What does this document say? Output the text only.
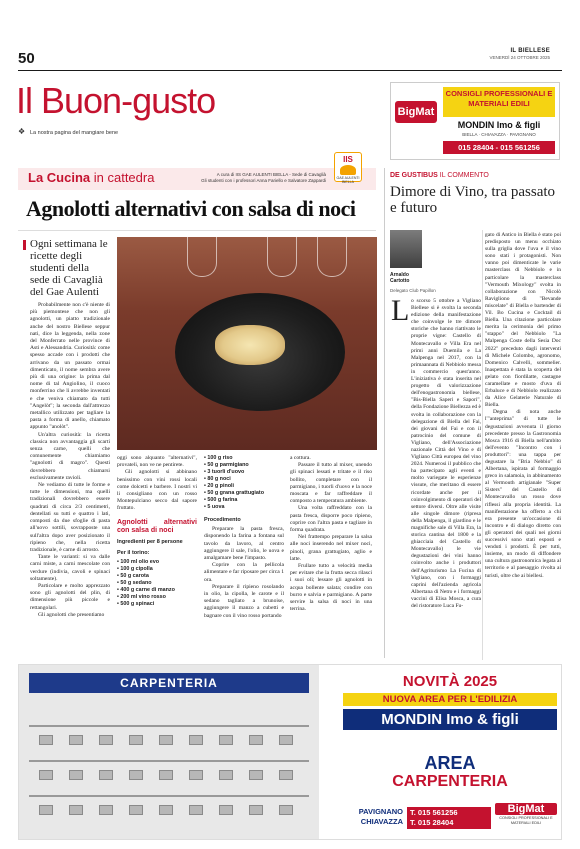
50	IL BIELLESE
VENERDÌ 24 OTTOBRE 2025
Il Buon-gusto
❖ La nostra pagina del mangiare bene
BigMat
CONSIGLI PROFESSIONALI E MATERIALI EDILI
MONDIN Imo & figli
BIELLA · CHIAVAZZA · PAVIGNANO
015 28404 - 015 561256
La Cucina in cattedra	A cura di IIS GAE AULENTI BIELLA - Sede di Cavaglià
Gli studenti con i professori Anna Fariello e Salvatore Zappardi
IIS
GAE AULENTI BIELLA
Agnolotti alternativi con salsa di noci
Ogni settimana le ricette degli studenti della sede di Cavaglià del Gae Aulenti

Probabilmente non c'è niente di più piemontese che non gli agnolotti, un piatto tradizionale anche del nostro Biellese seppur nati, dice la leggenda, nella zone del Monferrato nelle province di Asti e Alessandria. Curiosità: come spesso accade con i prodotti che arrivano da un passato ormai dimenticato, il nome sembra avere più di una origine: la prima dal nome di tal Angiolino, il cuoco monferrino che li avrebbe inventati e che veniva chiamato da tutti "Angelòt"; la seconda dall'attrezzo metallico utilizzato per tagliare la pasta a forma di anello, chiamato appunto "anolòt".

Un'altra curiosità: la ricetta classica non avvantaggia gli scarti senza carne, quelli che comunemente chiamiamo "agnolotti di magro". Questi dovrebbero chiamarsi esclusivamente ravioli.

Ne vediamo di tutte le forme e tutte le dimensioni, ma quelli tradizionali dovrebbero essere quadrati di circa 2/3 centimetri, dentellati su tutti e quattro i lati, composti da due sfoglie di pasta all'uovo sottili, sovrapposte una sull'altra dopo aver posizionato il ripieno che, nella ricetta tradizionale, è carne di arrosto.

Tante le varianti: si va dalle carni miste, a carni mescolate con verdure (indivia, cavoli e spinaci soltamente).

Particolare e molto apprezzato sono gli agnolotti del plin, di dimensione più piccole e rettangolari.

Gli agnolotti che presentiamo

oggi sono alquanto "alternativi", provateli, non ve ne pentirete.

Gli agnolotti si abbinano benissimo con vini rossi locali come dolcetti e barbere. I nostri vi li consigliano con un rosso Montepulciano secco dal sapore fruttato.

Agnolotti alternativi con salsa di noci
Ingredienti per 8 persone
Per il torino:
• 100 ml olio evo
• 100 g cipolla
• 50 g carota
• 50 g sedano
• 400 g carne di manzo
• 200 ml vino rosso
• 500 g spinaci
• 100 g riso
• 50 g parmigiano
• 3 tuorli d'uovo
• 80 g noci
• 20 g pinoli
• 50 g grana grattugiato
• 500 g farina
• 5 uova
Procedimento

Preparare la pasta fresca, disponendo la farina a fontana sul tavolo da lavoro, al centro aggiungere il sale, l'olio, le uova e amalgamare bene l'impasto.

Coprire con la pellicola alimentare e far riposare per circa 1 ora.

Preparare il ripieno rosolando in olio, la cipolla, le carote e il sedano tagliato a brunoise, aggiungere il manzo a cubetti e bagnare con il vino rosso portando

a cottura.

Passare il tutto al mixer, unendo gli spinaci lessati e tritate e il riso bollito, completare con il parmigiano, i tuorli d'uovo e la noce moscata e far raffreddare il composto a temperatura ambiente.

Una volta raffreddato con la pasta fresca, disporre poco ripieno, coprire con l'altra pasta e tagliare in forma quadrata.

Nel frattempo preparare la salsa alle noci inserendo nel mixer noci, pinoli, grana grattugiato, aglio e latte.

Frullare tutto a velocità media per evitare che la frutta secca rilasci i suoi oli; lessare gli agnolotti in acqua bollente salata; condire con burro e salvia e parmigiano. A parte servire la salsa di noci in una terrina.

DE GUSTIBUS IL COMMENTO
Dimore di Vino, tra passato e futuro
Arnaldo Cartotto
Delegato Club Papillon
L o scorso 5 ottobre a Vigliano Biellese si è svolta la seconda edizione della manifestazione che coinvolge le tre dimore storiche che hanno riattivato le proprie vigne: Castello di Montecavallo e Villa Era nel primi anni Duemila e La Malpenga nel 2017, con la primaannata di Nebbiolo messa in commercio quest'anno. L'iniziativa è stata inserita nel progetto di valorizzazione dell'enogastronomia biellese, "Bis-Biella Saperi e Sapori", della Fondazione Biellezza ed è svolta in collaborazione con la delegazione di Biella del Fai, dei giovani del Fai e con il patrocinio del comune di Vigliano, dell'Associazione nazionale Città del Vino e di Vigliano Città europea del vino 2024. Numerosi il pubblico che ha partecipato agli eventi e molto variegate le esperienze vissute, che meritano di essere ricordate anche per il coinvolgimento di operatori del settore diversi. Oltre alle visite alle singole dimore (ripresa della Malpenga, il giardino e le magnifiche sale di Villa Era, la storica cantina del 1800 e la ghiacciaia del Castello di Montecavallo) le vie degustazioni dei vini hanno coinvolto anche i produttori dell'Agriturismo La Fucina di Vigliano, con i formaggi caprini dell'azienda agricola Albertana di Netro e i formaggi vaccini di Elisa Mosca, a cura del ristoratore Luca Fu-

gato di Antico in Biella è stato poi predisposto un menu occhiato sulla griglia dove l'uva e il vino sono stati i protagonisti. Non vanno poi dimenticate le varie masterclass di Nebbiolo e in particolare la masterclass "Vermouth Mixology" svolta in collaborazione con Nicolò Ravigliono di "Bevande miscelate" di Biella e bartender di Vil. Bo Cucina e Cocktail di Biella. Una citazione particolare merita la cerimonia del primo "stappo" del Nebbiolo "La Malpenga Coste della Sesia Doc 2022" preceduto dagli interventi di Michele Colombo, agronomo, Domenico Calvelli, sommelier. Inaspettata è stata la scoperta del gelato con fiordilatte, castagne caramellate e mosto d'uva di Erbaluce e di Nebbiolo realizzato da Alice Gelaterie Naturale di Biella.

Degna di nota anche l'"anteprima" di tutte le degustazioni avvenuta il giorno precedente presso la Gastronomia Mosca 1916 di Biella nell'ambito dell'evento "Incontro con i produttori": una tappa per degustare la "Bria Nebbio" di Albertana, ispirata al formaggio greco in salamoia, in abbinamento al Vermouth artigianale "Super Sisters" del Castello di Montecavallo un rosso dove riflessi alla propria identità. La manifestazione ha offerto a chi era presente un'occasione di incontro e di dialogo diretto con gli operatori dei quali nei giorni successivi sono stati esposti e venduti i prodotti. È per tutti, insieme, un modo di diffondere una cultura gastronomica legata al territorio e al paesaggio rivolta ai turisti, oltre che ai biellesi.

CARPENTERIA	NOVITÀ 2025
NUOVA AREA PER L'EDILIZIA
MONDIN Imo & figli
AREA
CARPENTERIA
PAVIGNANO
CHIAVAZZA
T. 015 561256
T. 015 28404
BigMat
CONSIGLI PROFESSIONALI E MATERIALI EDILI
